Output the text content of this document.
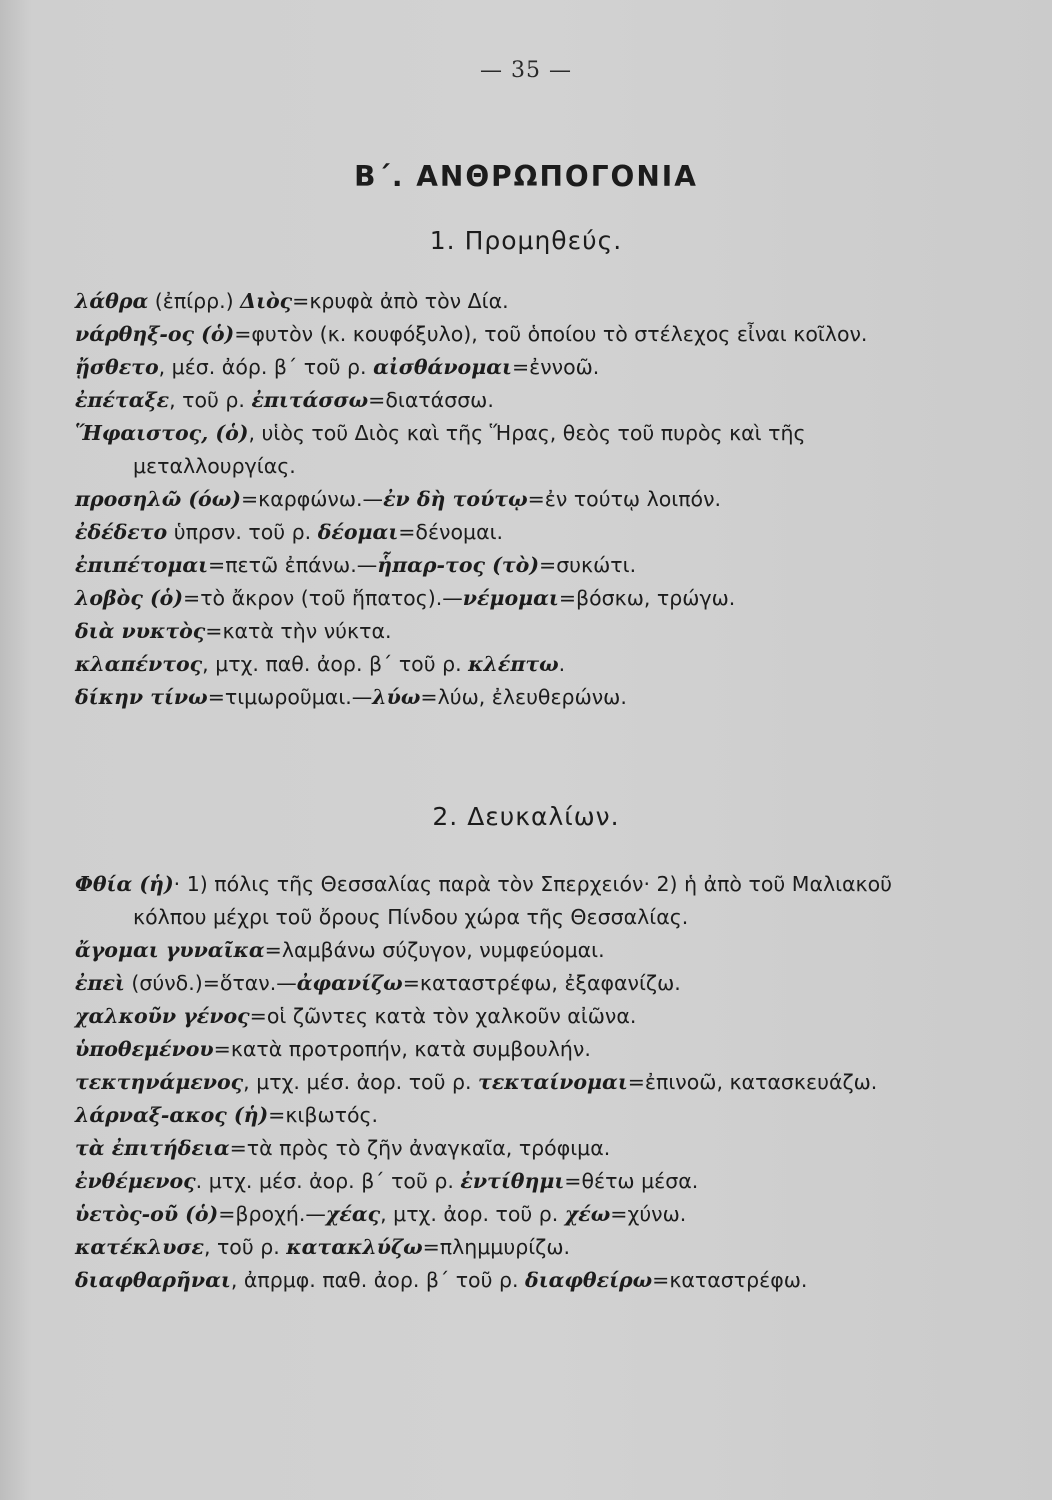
— 35 —
Β΄. ΑΝΘΡΩΠΟΓΟΝΙΑ
1. Προμηθεύς.

λάθρα (ἐπίρρ.) Διὸς=κρυφὰ ἀπὸ τὸν Δία.

νάρθηξ-ος (ὁ)=φυτὸν (κ. κουφόξυλο), τοῦ ὁποίου τὸ στέλεχος εἶναι κοῖλον.

ᾔσθετο, μέσ. ἀόρ. β΄ τοῦ ρ. αἰσθάνομαι=ἐννοῶ.

ἐπέταξε, τοῦ ρ. ἐπιτάσσω=διατάσσω.

Ἥφαιστος, (ὁ), υἱὸς τοῦ Διὸς καὶ τῆς Ἥρας, θεὸς τοῦ πυρὸς καὶ τῆς μεταλλουργίας.

προσηλῶ (όω)=καρφώνω.—ἐν δὴ τούτῳ=ἐν τούτῳ λοιπόν.

ἐδέδετο ὑπρσν. τοῦ ρ. δέομαι=δένομαι.

ἐπιπέτομαι=πετῶ ἐπάνω.—ἧπαρ-τος (τὸ)=συκώτι.

λοβὸς (ὁ)=τὸ ἄκρον (τοῦ ἥπατος).—νέμομαι=βόσκω, τρώγω.

διὰ νυκτὸς=κατὰ τὴν νύκτα.

κλαπέντος, μτχ. παθ. ἀορ. β΄ τοῦ ρ. κλέπτω.

δίκην τίνω=τιμωροῦμαι.—λύω=λύω, ἐλευθερώνω.

2. Δευκαλίων.

Φθία (ἡ)· 1) πόλις τῆς Θεσσαλίας παρὰ τὸν Σπερχειόν· 2) ἡ ἀπὸ τοῦ Μαλιακοῦ κόλπου μέχρι τοῦ ὄρους Πίνδου χώρα τῆς Θεσσαλίας.

ἄγομαι γυναῖκα=λαμβάνω σύζυγον, νυμφεύομαι.

ἐπεὶ (σύνδ.)=ὅταν.—ἀφανίζω=καταστρέφω, ἐξαφανίζω.

χαλκοῦν γένος=οἱ ζῶντες κατὰ τὸν χαλκοῦν αἰῶνα.

ὑποθεμένου=κατὰ προτροπήν, κατὰ συμβουλήν.

τεκτηνάμενος, μτχ. μέσ. ἀορ. τοῦ ρ. τεκταίνομαι=ἐπινοῶ, κατασκευάζω.

λάρναξ-ακος (ἡ)=κιβωτός.

τὰ ἐπιτήδεια=τὰ πρὸς τὸ ζῆν ἀναγκαῖα, τρόφιμα.

ἐνθέμενος. μτχ. μέσ. ἀορ. β΄ τοῦ ρ. ἐντίθημι=θέτω μέσα.

ὑετὸς-οῦ (ὁ)=βροχή.—χέας, μτχ. ἀορ. τοῦ ρ. χέω=χύνω.

κατέκλυσε, τοῦ ρ. κατακλύζω=πλημμυρίζω.

διαφθαρῆναι, ἀπρμφ. παθ. ἀορ. β΄ τοῦ ρ. διαφθείρω=καταστρέφω.
